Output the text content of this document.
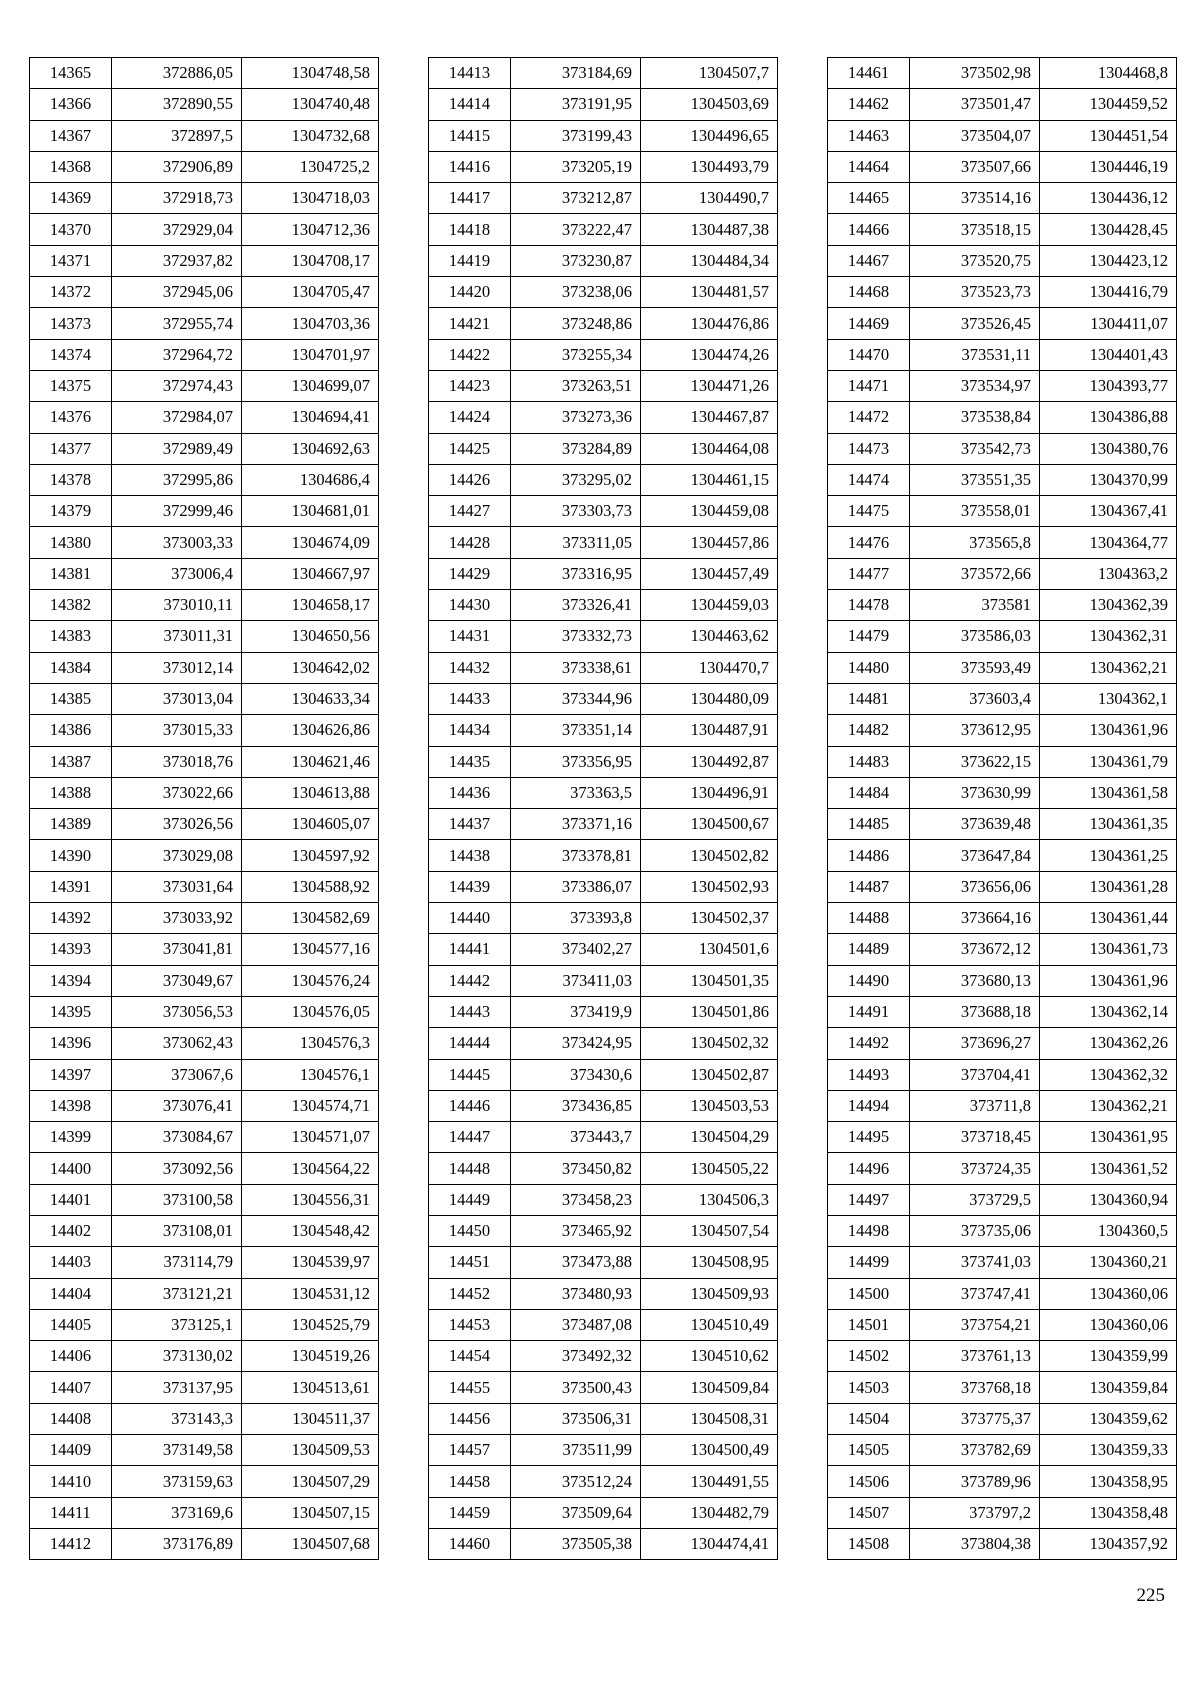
14365	372886,05	1304748,58
14366	372890,55	1304740,48
14367	372897,5	1304732,68
14368	372906,89	1304725,2
14369	372918,73	1304718,03
14370	372929,04	1304712,36
14371	372937,82	1304708,17
14372	372945,06	1304705,47
14373	372955,74	1304703,36
14374	372964,72	1304701,97
14375	372974,43	1304699,07
14376	372984,07	1304694,41
14377	372989,49	1304692,63
14378	372995,86	1304686,4
14379	372999,46	1304681,01
14380	373003,33	1304674,09
14381	373006,4	1304667,97
14382	373010,11	1304658,17
14383	373011,31	1304650,56
14384	373012,14	1304642,02
14385	373013,04	1304633,34
14386	373015,33	1304626,86
14387	373018,76	1304621,46
14388	373022,66	1304613,88
14389	373026,56	1304605,07
14390	373029,08	1304597,92
14391	373031,64	1304588,92
14392	373033,92	1304582,69
14393	373041,81	1304577,16
14394	373049,67	1304576,24
14395	373056,53	1304576,05
14396	373062,43	1304576,3
14397	373067,6	1304576,1
14398	373076,41	1304574,71
14399	373084,67	1304571,07
14400	373092,56	1304564,22
14401	373100,58	1304556,31
14402	373108,01	1304548,42
14403	373114,79	1304539,97
14404	373121,21	1304531,12
14405	373125,1	1304525,79
14406	373130,02	1304519,26
14407	373137,95	1304513,61
14408	373143,3	1304511,37
14409	373149,58	1304509,53
14410	373159,63	1304507,29
14411	373169,6	1304507,15
14412	373176,89	1304507,68
14413	373184,69	1304507,7
14414	373191,95	1304503,69
14415	373199,43	1304496,65
14416	373205,19	1304493,79
14417	373212,87	1304490,7
14418	373222,47	1304487,38
14419	373230,87	1304484,34
14420	373238,06	1304481,57
14421	373248,86	1304476,86
14422	373255,34	1304474,26
14423	373263,51	1304471,26
14424	373273,36	1304467,87
14425	373284,89	1304464,08
14426	373295,02	1304461,15
14427	373303,73	1304459,08
14428	373311,05	1304457,86
14429	373316,95	1304457,49
14430	373326,41	1304459,03
14431	373332,73	1304463,62
14432	373338,61	1304470,7
14433	373344,96	1304480,09
14434	373351,14	1304487,91
14435	373356,95	1304492,87
14436	373363,5	1304496,91
14437	373371,16	1304500,67
14438	373378,81	1304502,82
14439	373386,07	1304502,93
14440	373393,8	1304502,37
14441	373402,27	1304501,6
14442	373411,03	1304501,35
14443	373419,9	1304501,86
14444	373424,95	1304502,32
14445	373430,6	1304502,87
14446	373436,85	1304503,53
14447	373443,7	1304504,29
14448	373450,82	1304505,22
14449	373458,23	1304506,3
14450	373465,92	1304507,54
14451	373473,88	1304508,95
14452	373480,93	1304509,93
14453	373487,08	1304510,49
14454	373492,32	1304510,62
14455	373500,43	1304509,84
14456	373506,31	1304508,31
14457	373511,99	1304500,49
14458	373512,24	1304491,55
14459	373509,64	1304482,79
14460	373505,38	1304474,41
14461	373502,98	1304468,8
14462	373501,47	1304459,52
14463	373504,07	1304451,54
14464	373507,66	1304446,19
14465	373514,16	1304436,12
14466	373518,15	1304428,45
14467	373520,75	1304423,12
14468	373523,73	1304416,79
14469	373526,45	1304411,07
14470	373531,11	1304401,43
14471	373534,97	1304393,77
14472	373538,84	1304386,88
14473	373542,73	1304380,76
14474	373551,35	1304370,99
14475	373558,01	1304367,41
14476	373565,8	1304364,77
14477	373572,66	1304363,2
14478	373581	1304362,39
14479	373586,03	1304362,31
14480	373593,49	1304362,21
14481	373603,4	1304362,1
14482	373612,95	1304361,96
14483	373622,15	1304361,79
14484	373630,99	1304361,58
14485	373639,48	1304361,35
14486	373647,84	1304361,25
14487	373656,06	1304361,28
14488	373664,16	1304361,44
14489	373672,12	1304361,73
14490	373680,13	1304361,96
14491	373688,18	1304362,14
14492	373696,27	1304362,26
14493	373704,41	1304362,32
14494	373711,8	1304362,21
14495	373718,45	1304361,95
14496	373724,35	1304361,52
14497	373729,5	1304360,94
14498	373735,06	1304360,5
14499	373741,03	1304360,21
14500	373747,41	1304360,06
14501	373754,21	1304360,06
14502	373761,13	1304359,99
14503	373768,18	1304359,84
14504	373775,37	1304359,62
14505	373782,69	1304359,33
14506	373789,96	1304358,95
14507	373797,2	1304358,48
14508	373804,38	1304357,92
225
